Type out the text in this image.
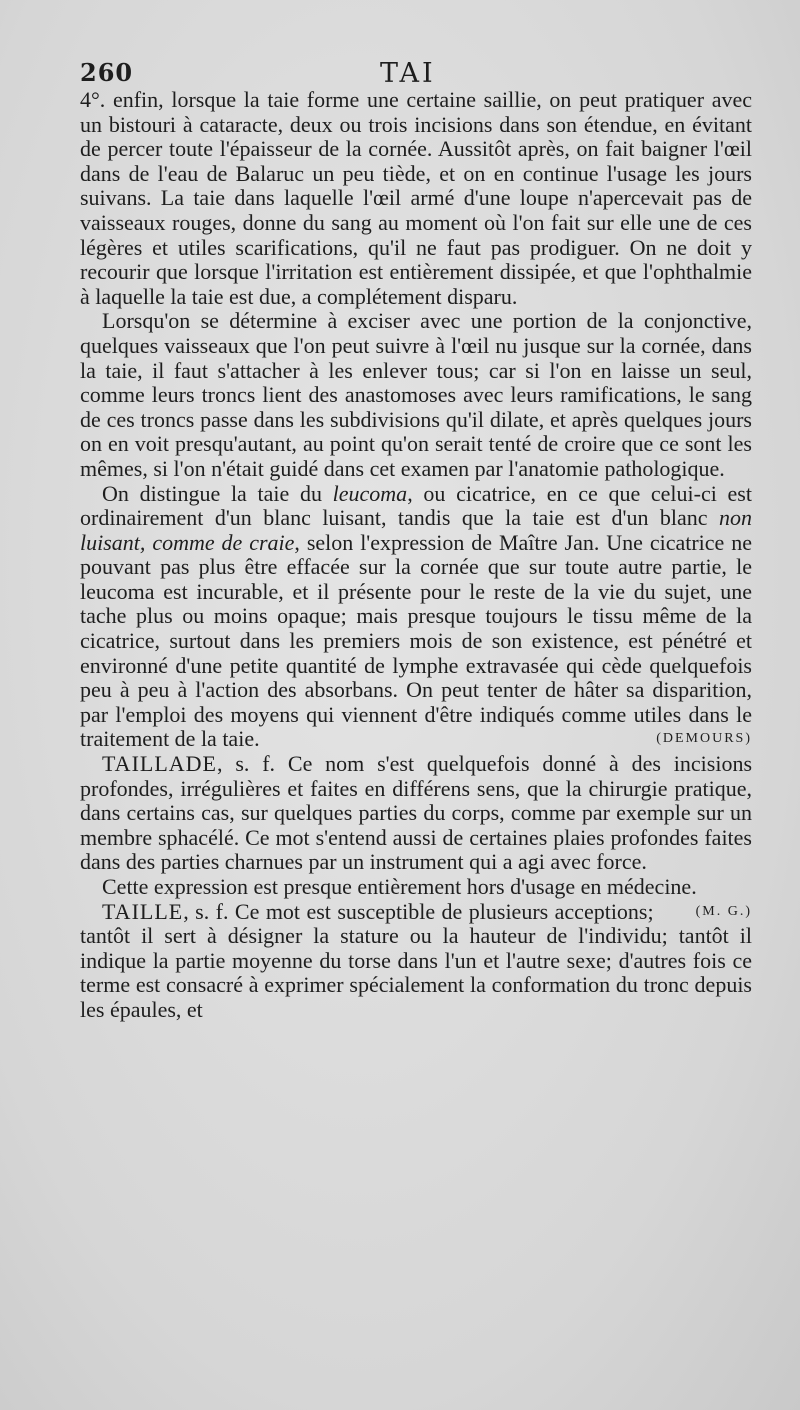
260	TAI

4°. enfin, lorsque la taie forme une certaine saillie, on peut pratiquer avec un bistouri à cataracte, deux ou trois incisions dans son étendue, en évitant de percer toute l'épaisseur de la cornée. Aussitôt après, on fait baigner l'œil dans de l'eau de Balaruc un peu tiède, et on en continue l'usage les jours suivans. La taie dans laquelle l'œil armé d'une loupe n'apercevait pas de vaisseaux rouges, donne du sang au moment où l'on fait sur elle une de ces légères et utiles scarifications, qu'il ne faut pas prodiguer. On ne doit y recourir que lorsque l'irritation est entièrement dissipée, et que l'ophthalmie à laquelle la taie est due, a complétement disparu.

Lorsqu'on se détermine à exciser avec une portion de la conjonctive, quelques vaisseaux que l'on peut suivre à l'œil nu jusque sur la cornée, dans la taie, il faut s'attacher à les enlever tous; car si l'on en laisse un seul, comme leurs troncs lient des anastomoses avec leurs ramifications, le sang de ces troncs passe dans les subdivisions qu'il dilate, et après quelques jours on en voit presqu'autant, au point qu'on serait tenté de croire que ce sont les mêmes, si l'on n'était guidé dans cet examen par l'anatomie pathologique.

On distingue la taie du leucoma, ou cicatrice, en ce que celui-ci est ordinairement d'un blanc luisant, tandis que la taie est d'un blanc non luisant, comme de craie, selon l'expression de Maître Jan. Une cicatrice ne pouvant pas plus être effacée sur la cornée que sur toute autre partie, le leucoma est incurable, et il présente pour le reste de la vie du sujet, une tache plus ou moins opaque; mais presque toujours le tissu même de la cicatrice, surtout dans les premiers mois de son existence, est pénétré et environné d'une petite quantité de lymphe extravasée qui cède quelquefois peu à peu à l'action des absorbans. On peut tenter de hâter sa disparition, par l'emploi des moyens qui viennent d'être indiqués comme utiles dans le traitement de la taie.	(DEMOURS)

TAILLADE, s. f. Ce nom s'est quelquefois donné à des incisions profondes, irrégulières et faites en différens sens, que la chirurgie pratique, dans certains cas, sur quelques parties du corps, comme par exemple sur un membre sphacélé. Ce mot s'entend aussi de certaines plaies profondes faites dans des parties charnues par un instrument qui a agi avec force.

Cette expression est presque entièrement hors d'usage en médecine.
(M. G.)

TAILLE, s. f. Ce mot est susceptible de plusieurs acceptions; tantôt il sert à désigner la stature ou la hauteur de l'individu; tantôt il indique la partie moyenne du torse dans l'un et l'autre sexe; d'autres fois ce terme est consacré à exprimer spécialement la conformation du tronc depuis les épaules, et
